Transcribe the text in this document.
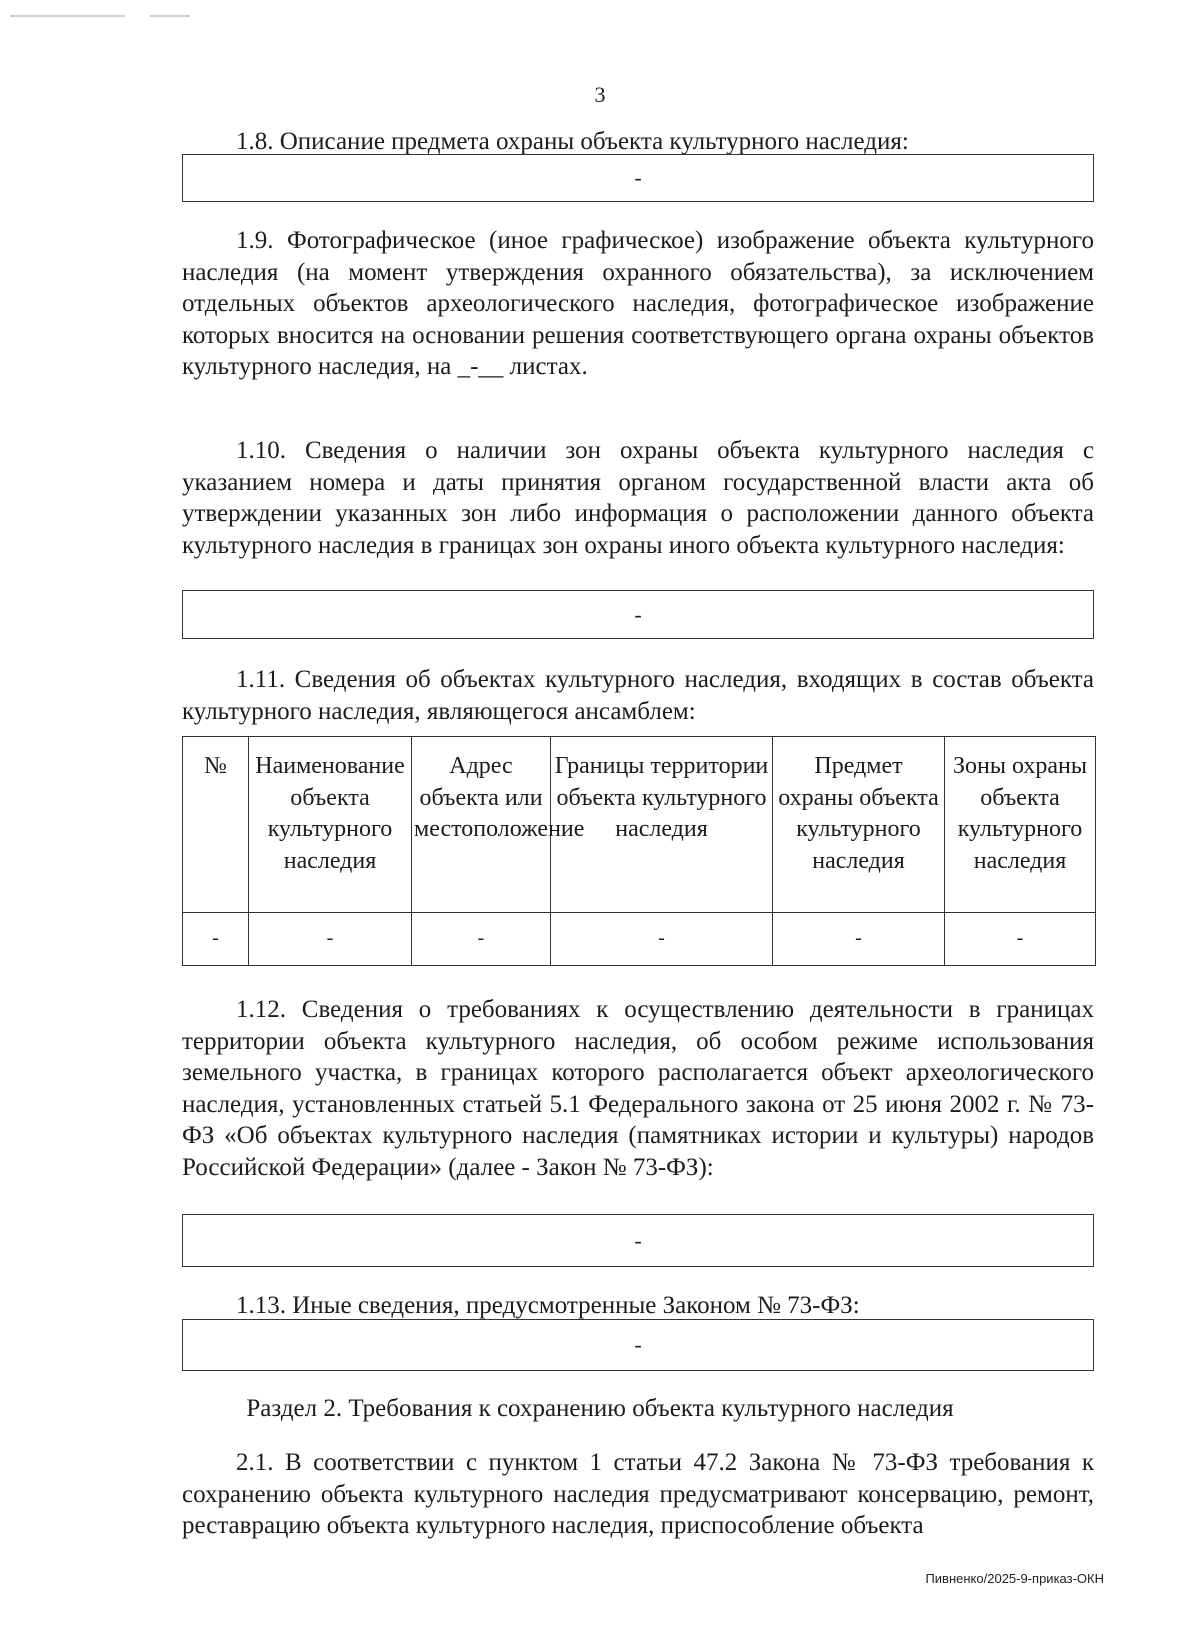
3

1.8. Описание предмета охраны объекта культурного наследия:

-

1.9. Фотографическое (иное графическое) изображение объекта культурного наследия (на момент утверждения охранного обязательства), за исключением отдельных объектов археологического наследия, фотографическое изображение которых вносится на основании решения соответствующего органа охраны объектов культурного наследия, на _-__ листах.

1.10. Сведения о наличии зон охраны объекта культурного наследия с указанием номера и даты принятия органом государственной власти акта об утверждении указанных зон либо информация о расположении данного объекта культурного наследия в границах зон охраны иного объекта культурного наследия:

-

1.11. Сведения об объектах культурного наследия, входящих в состав объекта культурного наследия, являющегося ансамблем:

№	Наименование объекта культурного наследия	Адрес объекта или местоположение	Границы территории объекта культурного наследия	Предмет охраны объекта культурного наследия	Зоны охраны объекта культурного наследия
-	-	-	-	-	-

1.12. Сведения о требованиях к осуществлению деятельности в границах территории объекта культурного наследия, об особом режиме использования земельного участка, в границах которого располагается объект археологического наследия, установленных статьей 5.1 Федерального закона от 25 июня 2002 г. № 73-ФЗ «Об объектах культурного наследия (памятниках истории и культуры) народов Российской Федерации» (далее - Закон № 73-ФЗ):

-

1.13. Иные сведения, предусмотренные Законом № 73-ФЗ:

-
Раздел 2. Требования к сохранению объекта культурного наследия

2.1. В соответствии с пунктом 1 статьи 47.2 Закона № 73-ФЗ требования к сохранению объекта культурного наследия предусматривают консервацию, ремонт, реставрацию объекта культурного наследия, приспособление объекта

Пивненко/2025-9-приказ-ОКН
